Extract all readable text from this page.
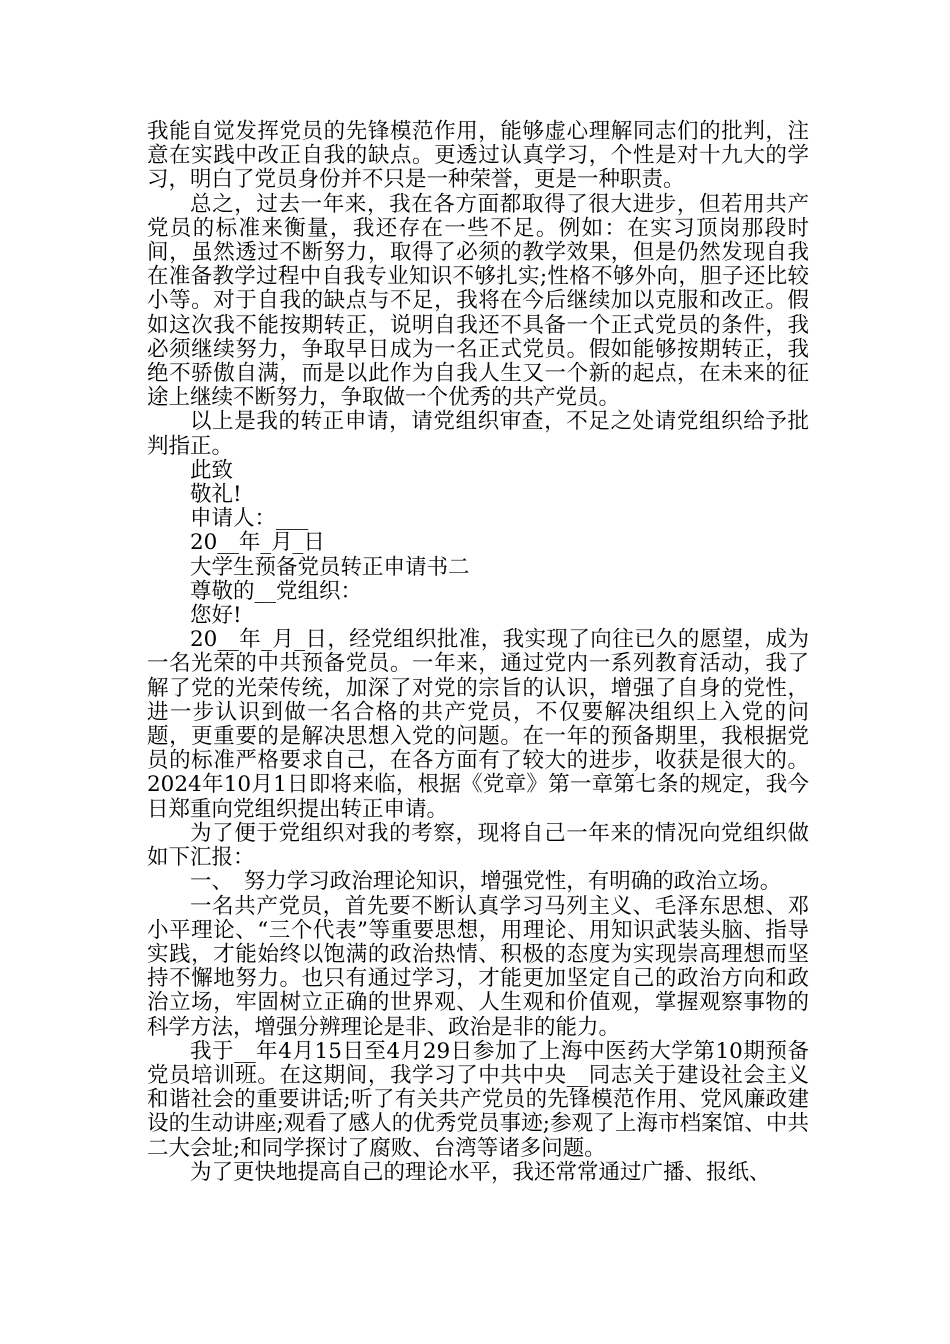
我能自觉发挥党员的先锋模范作用，能够虚心理解同志们的批判，注意在实践中改正自我的缺点。更透过认真学习，个性是对十九大的学习，明白了党员身份并不只是一种荣誉，更是一种职责。

总之，过去一年来，我在各方面都取得了很大进步，但若用共产党员的标准来衡量，我还存在一些不足。例如：在实习顶岗那段时间，虽然透过不断努力，取得了必须的教学效果，但是仍然发现自我在准备教学过程中自我专业知识不够扎实;性格不够外向，胆子还比较小等。对于自我的缺点与不足，我将在今后继续加以克服和改正。假如这次我不能按期转正，说明自我还不具备一个正式党员的条件，我必须继续努力，争取早日成为一名正式党员。假如能够按期转正，我绝不骄傲自满，而是以此作为自我人生又一个新的起点，在未来的征途上继续不断努力，争取做一个优秀的共产党员。

以上是我的转正申请，请党组织审查，不足之处请党组织给予批判指正。

此致

敬礼!

申请人：___

20__年_月_日

大学生预备党员转正申请书二

尊敬的__党组织：

您好!

20__年_月_日，经党组织批准，我实现了向往已久的愿望，成为一名光荣的中共预备党员。一年来，通过党内一系列教育活动，我了解了党的光荣传统，加深了对党的宗旨的认识，增强了自身的党性，进一步认识到做一名合格的共产党员，不仅要解决组织上入党的问题，更重要的是解决思想入党的问题。在一年的预备期里，我根据党员的标准严格要求自己，在各方面有了较大的进步，收获是很大的。2024年10月1日即将来临，根据《党章》第一章第七条的规定，我今日郑重向党组织提出转正申请。

为了便于党组织对我的考察，现将自己一年来的情况向党组织做如下汇报：

一、　努力学习政治理论知识，增强党性，有明确的政治立场。

一名共产党员，首先要不断认真学习马列主义、毛泽东思想、邓小平理论、“三个代表”等重要思想，用理论、用知识武装头脑、指导实践，才能始终以饱满的政治热情、积极的态度为实现崇高理想而坚持不懈地努力。也只有通过学习，才能更加坚定自己的政治方向和政治立场，牢固树立正确的世界观、人生观和价值观，掌握观察事物的科学方法，增强分辨理论是非、政治是非的能力。

我于__年4月15日至4月29日参加了上海中医药大学第10期预备党员培训班。在这期间，我学习了中共中央__同志关于建设社会主义和谐社会的重要讲话;听了有关共产党员的先锋模范作用、党风廉政建设的生动讲座;观看了感人的优秀党员事迹;参观了上海市档案馆、中共二大会址;和同学探讨了腐败、台湾等诸多问题。

为了更快地提高自己的理论水平，我还常常通过广播、报纸、
